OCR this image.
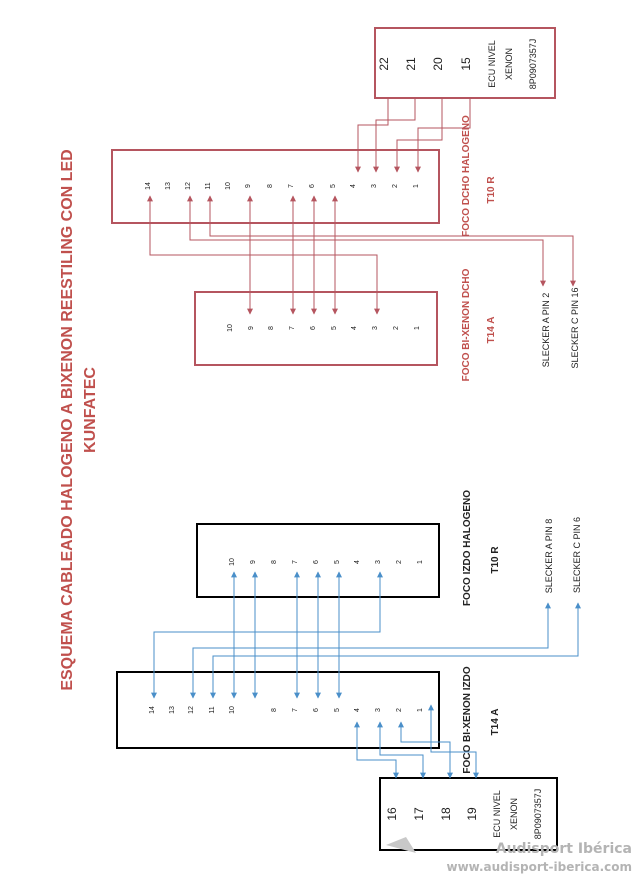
ESQUEMA CABLEADO HALOGENO A BIXENON REESTILING CON LED KUNFATEC
22 21 20 15 ECU NIVEL XENON 8P0907357J
14 13 12 11 10 9 8 7 6 5 4 3 2 1	FOCO DCHO HALOGENO T10 R
10 9 8 7 6 5 4 3 2 1	FOCO BI-XENON DCHO T14 A	SLECKER A PIN 2 SLECKER C PIN 16
10 9 8 7 6 5 4 3 2 1	FOCO IZDO HALOGENO T10 R
14 13 12 11 10	8 7 6 5 4 3 2 1	FOCO BI-XENON IZDO T14 A
16 17 18 19 ECU NIVEL XENON 8P0907357J
SLECKER A PIN 8 SLECKER C PIN 6
Audisport Ibérica
www.audisport-iberica.com
